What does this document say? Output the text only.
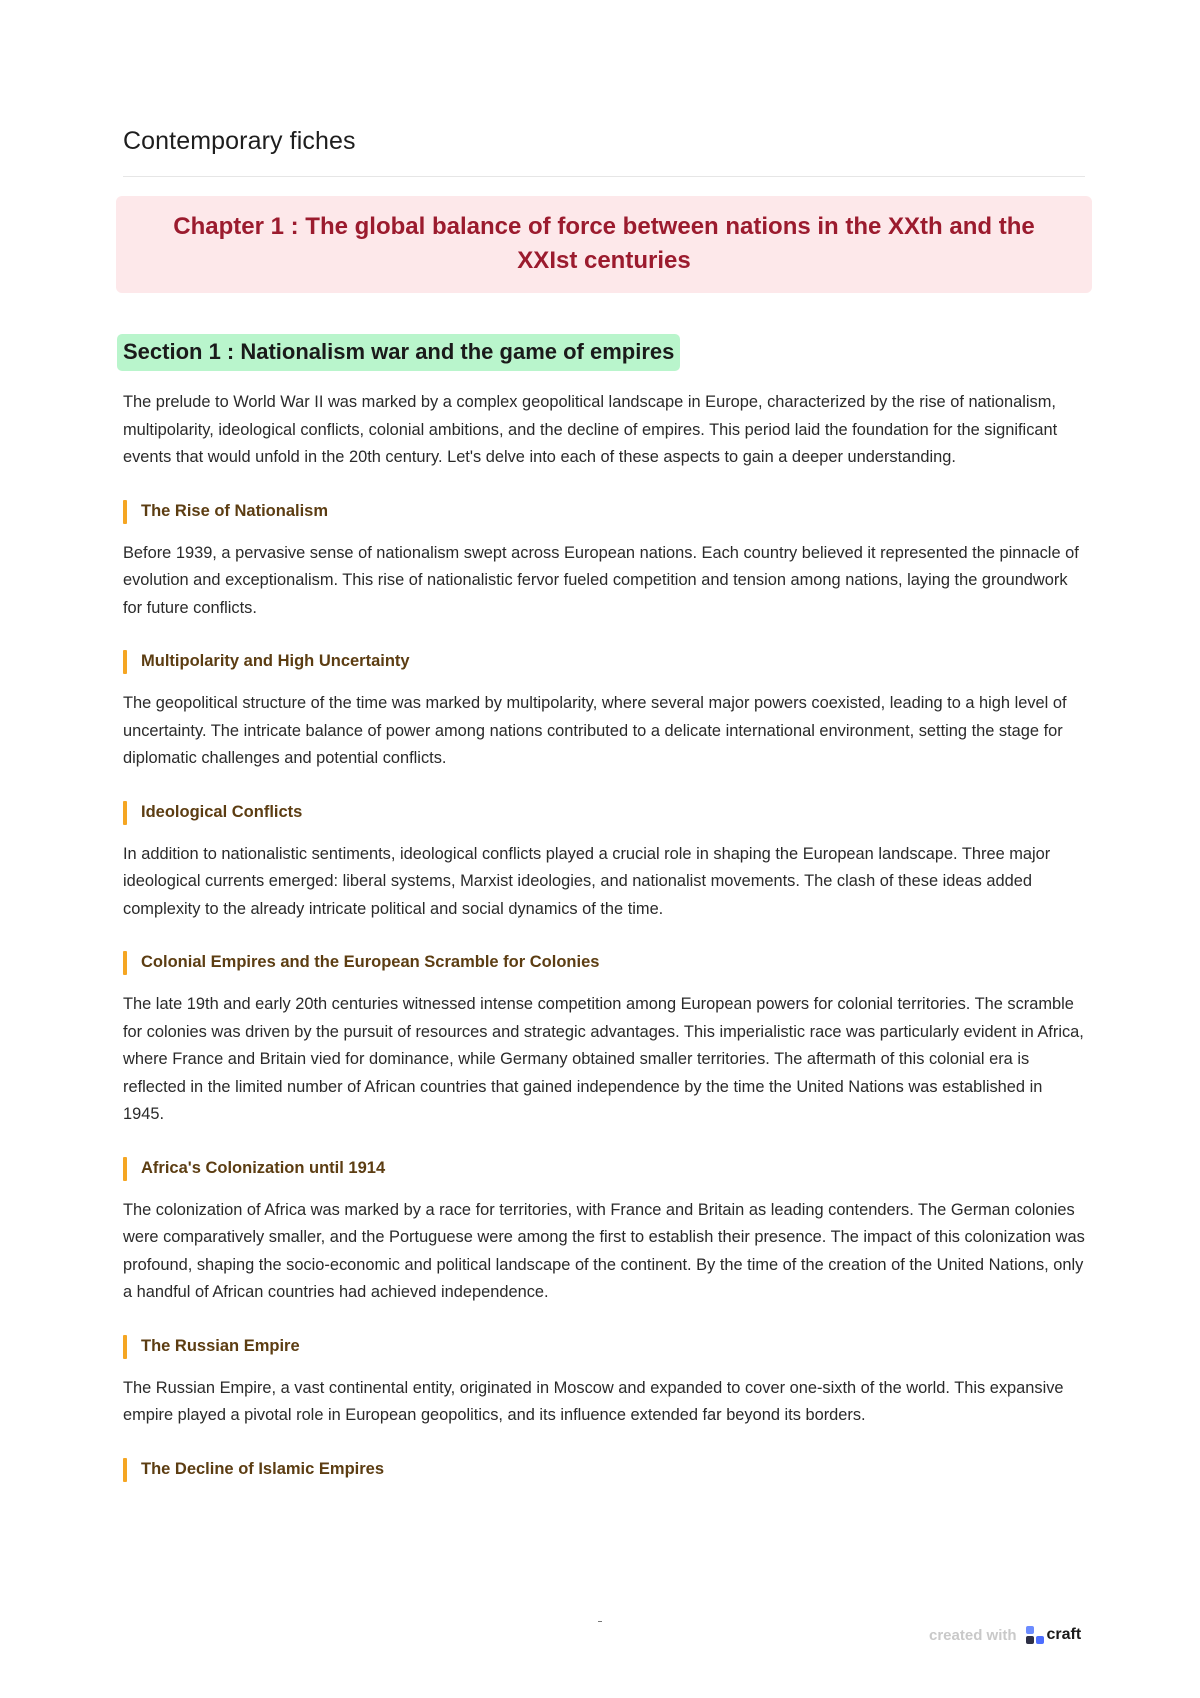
Contemporary fiches
Chapter 1 : The global balance of force between nations in the XXth and the XXIst centuries
Section 1 : Nationalism war and the game of empires

The prelude to World War II was marked by a complex geopolitical landscape in Europe, characterized by the rise of nationalism, multipolarity, ideological conflicts, colonial ambitions, and the decline of empires. This period laid the foundation for the significant events that would unfold in the 20th century. Let's delve into each of these aspects to gain a deeper understanding.

The Rise of Nationalism

Before 1939, a pervasive sense of nationalism swept across European nations. Each country believed it represented the pinnacle of evolution and exceptionalism. This rise of nationalistic fervor fueled competition and tension among nations, laying the groundwork for future conflicts.

Multipolarity and High Uncertainty

The geopolitical structure of the time was marked by multipolarity, where several major powers coexisted, leading to a high level of uncertainty. The intricate balance of power among nations contributed to a delicate international environment, setting the stage for diplomatic challenges and potential conflicts.

Ideological Conflicts

In addition to nationalistic sentiments, ideological conflicts played a crucial role in shaping the European landscape. Three major ideological currents emerged: liberal systems, Marxist ideologies, and nationalist movements. The clash of these ideas added complexity to the already intricate political and social dynamics of the time.

Colonial Empires and the European Scramble for Colonies

The late 19th and early 20th centuries witnessed intense competition among European powers for colonial territories. The scramble for colonies was driven by the pursuit of resources and strategic advantages. This imperialistic race was particularly evident in Africa, where France and Britain vied for dominance, while Germany obtained smaller territories. The aftermath of this colonial era is reflected in the limited number of African countries that gained independence by the time the United Nations was established in 1945.

Africa's Colonization until 1914

The colonization of Africa was marked by a race for territories, with France and Britain as leading contenders. The German colonies were comparatively smaller, and the Portuguese were among the first to establish their presence. The impact of this colonization was profound, shaping the socio-economic and political landscape of the continent. By the time of the creation of the United Nations, only a handful of African countries had achieved independence.

The Russian Empire

The Russian Empire, a vast continental entity, originated in Moscow and expanded to cover one-sixth of the world. This expansive empire played a pivotal role in European geopolitics, and its influence extended far beyond its borders.

The Decline of Islamic Empires
created with craft
